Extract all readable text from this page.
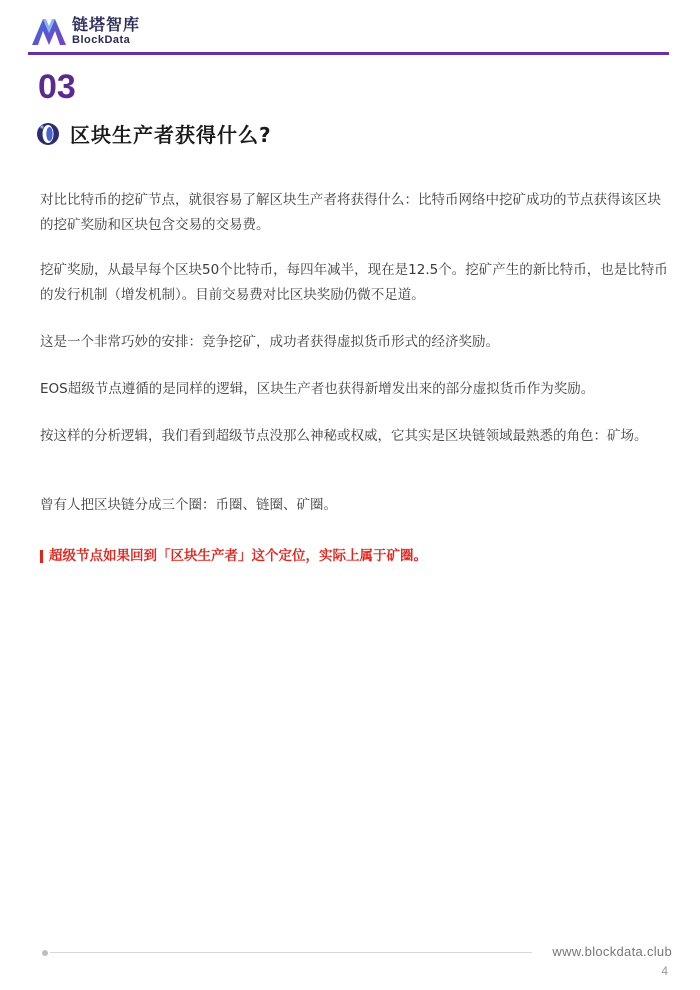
链塔智库
BlockData
03
区块生产者获得什么?

对比比特币的挖矿节点，就很容易了解区块生产者将获得什么：比特币网络中挖矿成功的节点获得该区块的挖矿奖励和区块包含交易的交易费。

挖矿奖励，从最早每个区块50个比特币，每四年减半，现在是12.5个。挖矿产生的新比特币，也是比特币的发行机制（增发机制）。目前交易费对比区块奖励仍微不足道。

这是一个非常巧妙的安排：竞争挖矿，成功者获得虚拟货币形式的经济奖励。

EOS超级节点遵循的是同样的逻辑，区块生产者也获得新增发出来的部分虚拟货币作为奖励。

按这样的分析逻辑，我们看到超级节点没那么神秘或权威，它其实是区块链领域最熟悉的角色：矿场。

曾有人把区块链分成三个圈：币圈、链圈、矿圈。

超级节点如果回到「区块生产者」这个定位，实际上属于矿圈。
www.blockdata.club
4
